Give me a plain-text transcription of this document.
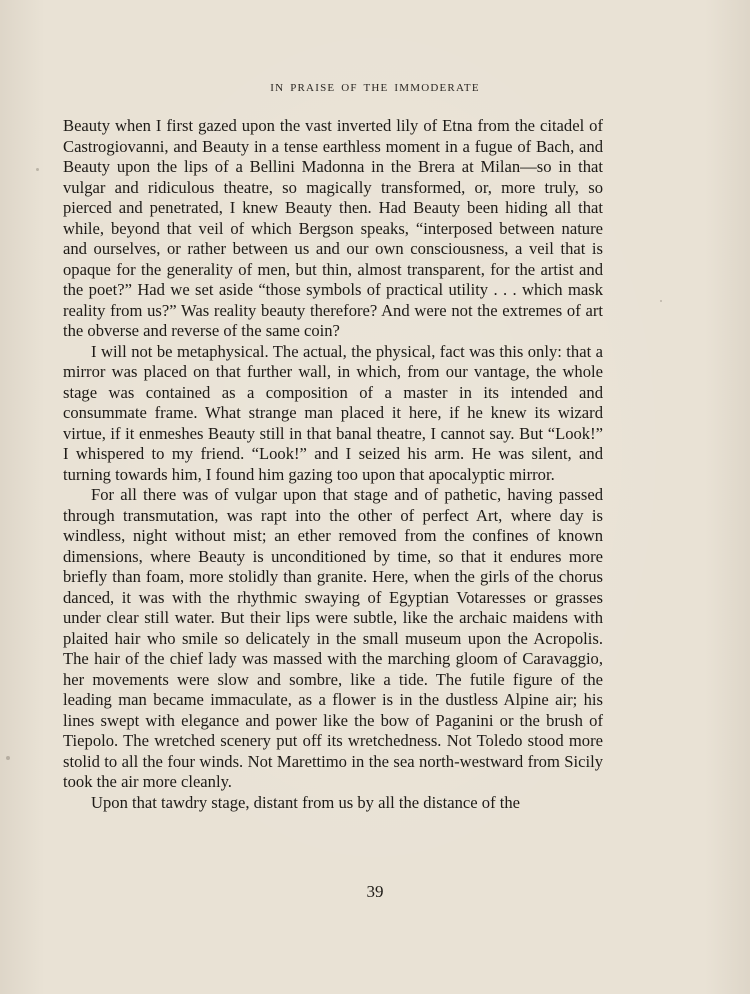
IN PRAISE OF THE IMMODERATE

Beauty when I first gazed upon the vast inverted lily of Etna from the citadel of Castrogiovanni, and Beauty in a tense earthless moment in a fugue of Bach, and Beauty upon the lips of a Bellini Madonna in the Brera at Milan—so in that vulgar and ridiculous theatre, so magically transformed, or, more truly, so pierced and penetrated, I knew Beauty then. Had Beauty been hiding all that while, beyond that veil of which Bergson speaks, “interposed between nature and ourselves, or rather between us and our own consciousness, a veil that is opaque for the generality of men, but thin, almost transparent, for the artist and the poet?” Had we set aside “those symbols of practical utility . . . which mask reality from us?” Was reality beauty therefore? And were not the extremes of art the obverse and reverse of the same coin?

I will not be metaphysical. The actual, the physical, fact was this only: that a mirror was placed on that further wall, in which, from our vantage, the whole stage was contained as a composition of a master in its intended and consummate frame. What strange man placed it here, if he knew its wizard virtue, if it enmeshes Beauty still in that banal theatre, I cannot say. But “Look!” I whispered to my friend. “Look!” and I seized his arm. He was silent, and turning towards him, I found him gazing too upon that apocalyptic mirror.

For all there was of vulgar upon that stage and of pathetic, having passed through transmutation, was rapt into the other of perfect Art, where day is windless, night without mist; an ether removed from the confines of known dimensions, where Beauty is unconditioned by time, so that it endures more briefly than foam, more stolidly than granite. Here, when the girls of the chorus danced, it was with the rhythmic swaying of Egyptian Votaresses or grasses under clear still water. But their lips were subtle, like the archaic maidens with plaited hair who smile so delicately in the small museum upon the Acropolis. The hair of the chief lady was massed with the marching gloom of Caravaggio, her movements were slow and sombre, like a tide. The futile figure of the leading man became immaculate, as a flower is in the dustless Alpine air; his lines swept with elegance and power like the bow of Paganini or the brush of Tiepolo. The wretched scenery put off its wretchedness. Not Toledo stood more stolid to all the four winds. Not Marettimo in the sea north-westward from Sicily took the air more cleanly.

Upon that tawdry stage, distant from us by all the distance of the

39
